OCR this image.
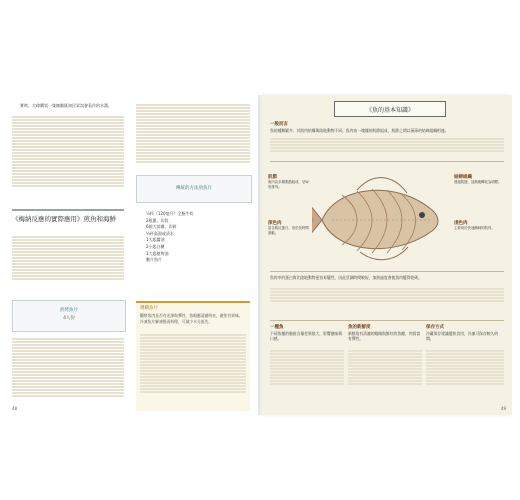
實時、大肆購買一隻無膽既知民眾誤會看作的水溝，

《梅納反應的實際應用》煎魚和海鮮
煎烤魚片
4人份
傳統的方法煎魚片
½杯（120毫升）全脂牛奶
2根蔥，切段
6個大蒜瓣，切碎
½杯高湯或清水
1大匙醬油
2小匙白糖
1大匙植物油
數片魚片
選購魚片
觀察魚肉是否有光澤與彈性，魚眼應清澈明亮，避免有異味。冷凍魚片解凍後再料理，可減少水分流失。
48
《魚的基本知識》
一般而言
魚的種類繁多，其肌肉結構與陸地動物不同。魚肉由一塊塊的肌節組成，肌節之間以薄薄的結締組織相連。
肌節
魚肉由多層肌節組成，呈W形排列。
結締組織
連接肌節，加熱後轉化為明膠。
深色肉
富含肌紅蛋白，用於長時間游動。
淺色肉
主要用於快速衝刺的肌肉。
魚肉中的蛋白質比陸地動物更容易變性，因此烹調時間較短，加熱過度會使魚肉變得乾硬。
一種魚
不同魚種的脂肪含量差異很大，影響風味與口感。
魚的新鮮度
新鮮魚有清澈的眼睛與鮮紅的魚鰓，肉質富有彈性。
保存方式
冷藏保存建議儘快食用，冷凍可保存較久時間。
49
